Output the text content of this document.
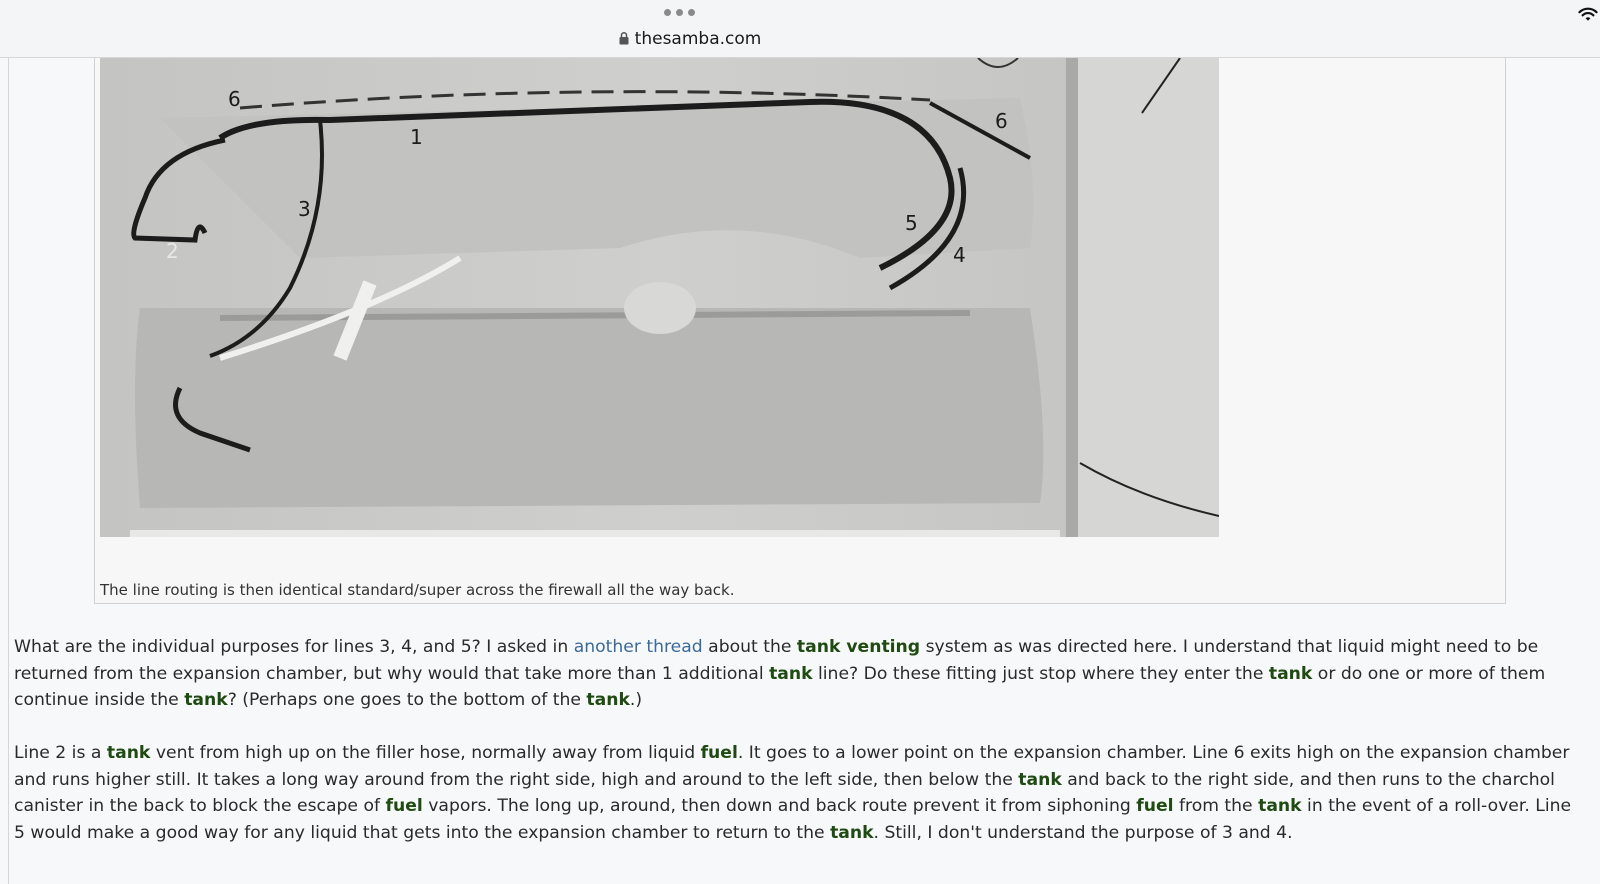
thesamba.com
6
1
3
2
5
4
6
The line routing is then identical standard/super across the firewall all the way back.

What are the individual purposes for lines 3, 4, and 5? I asked in another thread about the tank venting system as was directed here. I understand that liquid might need to be returned from the expansion chamber, but why would that take more than 1 additional tank line? Do these fitting just stop where they enter the tank or do one or more of them continue inside the tank? (Perhaps one goes to the bottom of the tank.)

Line 2 is a tank vent from high up on the filler hose, normally away from liquid fuel. It goes to a lower point on the expansion chamber. Line 6 exits high on the expansion chamber and runs higher still. It takes a long way around from the right side, high and around to the left side, then below the tank and back to the right side, and then runs to the charchol canister in the back to block the escape of fuel vapors. The long up, around, then down and back route prevent it from siphoning fuel from the tank in the event of a roll-over. Line 5 would make a good way for any liquid that gets into the expansion chamber to return to the tank. Still, I don't understand the purpose of 3 and 4.
